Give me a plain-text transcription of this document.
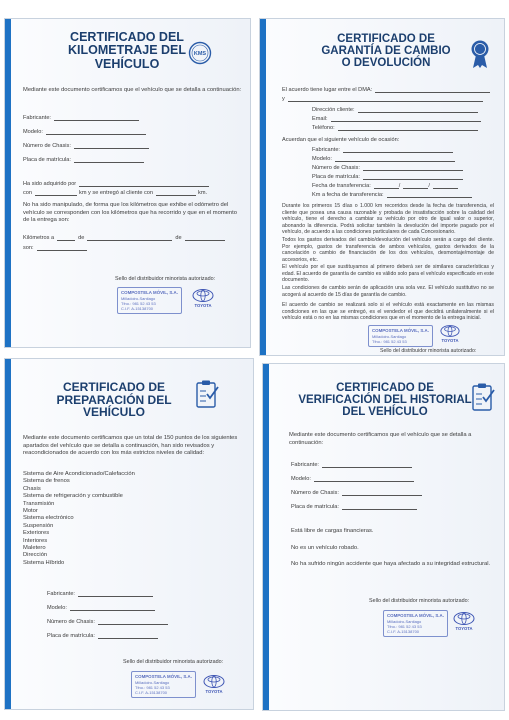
CERTIFICADO DEL
KILOMETRAJE DEL
VEHÍCULO
KMS
Mediante este documento certificamos que el vehículo que se detalla a continuación:
Fabricante:
Modelo:
Número de Chasis:
Placa de matrícula:
Ha sido adquirido por
con	km y se entregó al cliente con	km.
No ha sido manipulado, de forma que los kilómetros que exhibe el odómetro del vehículo se corresponden con los kilómetros que ha recorrido y que en el momento de la entrega son:
Kilómetros a	de	de
son:
Sello del distribuidor minorista autorizado:
COMPOSTELA MÓVIL, S.A.
Milladoiro-Santiago
Tfno.: 981 52 43 53
C.I.F. A-15138700
TOYOTA
CERTIFICADO DE
GARANTÍA DE CAMBIO
O DEVOLUCIÓN
El acuerdo tiene lugar entre el DMA:
y
Dirección cliente:
Email:
Teléfono:
Acuerdan que el siguiente vehículo de ocasión:
Fabricante:
Modelo:
Número de Chasis:
Placa de matrícula:
Fecha de transferencia:	/	/
Km a fecha de transferencia:
Durante los primeros 15 días o 1.000 km recorridos desde la fecha de transferencia, el cliente que posea una causa razonable y probada de insatisfacción sobre la calidad del vehículo, tiene el derecho a cambiar su vehículo por otro de igual valor o superior, abonando la diferencia. Podrá solicitar también la devolución del importe pagado por el vehículo, de acuerdo a las condiciones particulares de cada Concesionario.
Todos los gastos derivados del cambio/devolución del vehículo serán a cargo del cliente. Por ejemplo, gastos de transferencia de ambos vehículos, gastos derivados de la cancelación o cambio de financiación de los dos vehículos, desmontaje/montaje de accesorios, etc.
El vehículo por el que sustituyamos al primero deberá ser de similares características y edad. El acuerdo de garantía de cambio es válido solo para el vehículo especificado en este documento.
Las condiciones de cambio serán de aplicación una sola vez. El vehículo sustitutivo no se acogerá al acuerdo de 15 días de garantía de cambio.
El acuerdo de cambio se realizará solo si el vehículo está exactamente en las mismas condiciones en las que se entregó, es el vendedor el que decidirá unilateralmente si el vehículo está o no en las mismas condiciones que en el momento de la entrega inicial.
COMPOSTELA MÓVIL, S.A.
Milladoiro-Santiago
Tfno.: 981 52 43 53	TOYOTA
Sello del distribuidor minorista autorizado:
CERTIFICADO DE
PREPARACIÓN DEL
VEHÍCULO
Mediante este documento certificamos que un total de 150 puntos de los siguientes apartados del vehículo que se detalla a continuación, han sido revisados y reacondicionados de acuerdo con los más estrictos niveles de calidad:
Sistema de Aire Acondicionado/Calefacción
Sistema de frenos
Chasis
Sistema de refrigeración y combustible
Transmisión
Motor
Sistema electrónico
Suspensión
Exteriores
Interiores
Maletero
Dirección
Sistema Híbrido
Fabricante:
Modelo:
Número de Chasis:
Placa de matrícula:
Sello del distribuidor minorista autorizado:
COMPOSTELA MÓVIL, S.A.
Milladoiro-Santiago
Tfno.: 981 52 43 53
C.I.F. A-15138700	TOYOTA
CERTIFICADO DE
VERIFICACIÓN DEL HISTORIAL
DEL VEHÍCULO
Mediante este documento certificamos que el vehículo que se detalla a continuación:
Fabricante:
Modelo:
Número de Chasis:
Placa de matrícula:
Está libre de cargas financieras.
No es un vehículo robado.
No ha sufrido ningún accidente que haya afectado a su integridad estructural.
Sello del distribuidor minorista autorizado:
COMPOSTELA MÓVIL, S.A.
Milladoiro-Santiago
Tfno.: 981 52 43 53
C.I.F. A-15138700
TOYOTA
